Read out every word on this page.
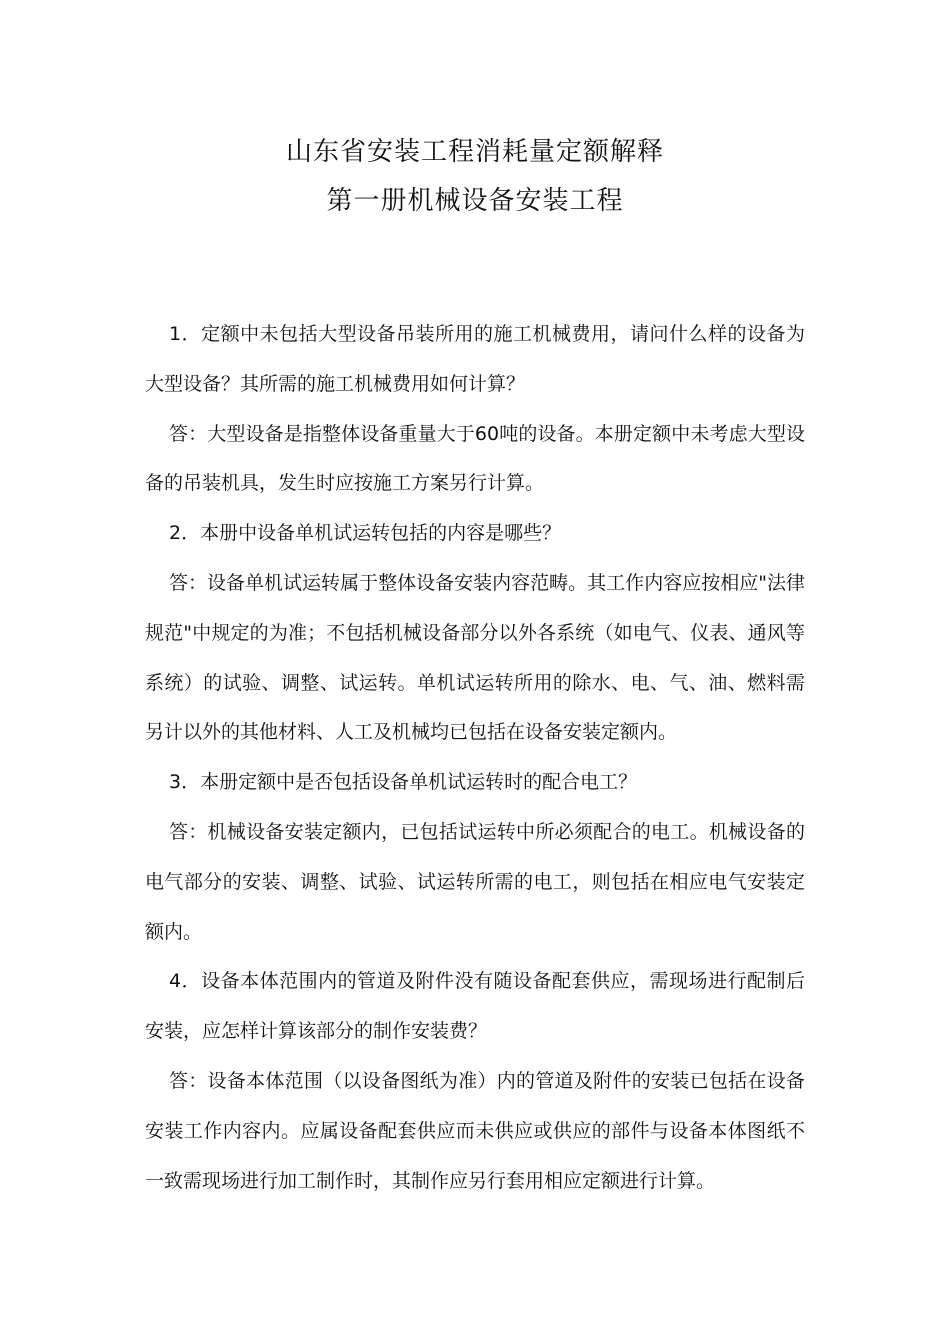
山东省安装工程消耗量定额解释
第一册机械设备安装工程

1．定额中未包括大型设备吊装所用的施工机械费用，请问什么样的设备为大型设备？其所需的施工机械费用如何计算？

答：大型设备是指整体设备重量大于60吨的设备。本册定额中未考虑大型设备的吊装机具，发生时应按施工方案另行计算。

2．本册中设备单机试运转包括的内容是哪些？

答：设备单机试运转属于整体设备安装内容范畴。其工作内容应按相应"法律规范"中规定的为准；不包括机械设备部分以外各系统（如电气、仪表、通风等系统）的试验、调整、试运转。单机试运转所用的除水、电、气、油、燃料需另计以外的其他材料、人工及机械均已包括在设备安装定额内。

3．本册定额中是否包括设备单机试运转时的配合电工？

答：机械设备安装定额内，已包括试运转中所必须配合的电工。机械设备的电气部分的安装、调整、试验、试运转所需的电工，则包括在相应电气安装定额内。

4．设备本体范围内的管道及附件没有随设备配套供应，需现场进行配制后安装，应怎样计算该部分的制作安装费？

答：设备本体范围（以设备图纸为准）内的管道及附件的安装已包括在设备安装工作内容内。应属设备配套供应而未供应或供应的部件与设备本体图纸不一致需现场进行加工制作时，其制作应另行套用相应定额进行计算。
